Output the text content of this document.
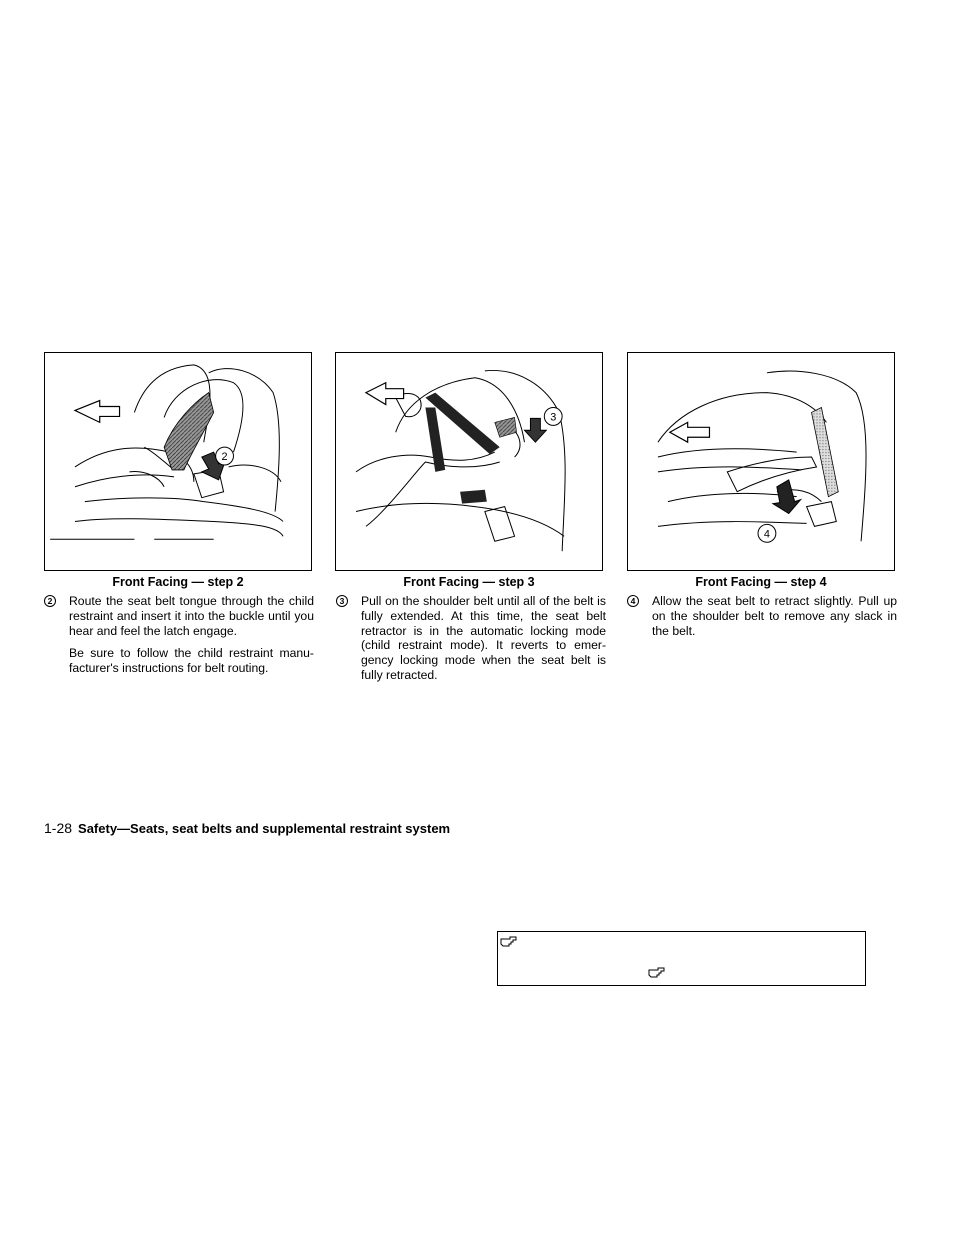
2
3
4
Front Facing — step 2	Front Facing — step 3	Front Facing — step 4
2 Route the seat belt tongue through the child restraint and insert it into the buckle until you hear and feel the latch engage.

Be sure to follow the child restraint manu-facturer's instructions for belt routing.

3 Pull on the shoulder belt until all of the belt is fully extended. At this time, the seat belt retractor is in the automatic locking mode (child restraint mode). It reverts to emer-gency locking mode when the seat belt is fully retracted.

4 Allow the seat belt to retract slightly. Pull up on the shoulder belt to remove any slack in the belt.

1-28 Safety—Seats, seat belts and supplemental restraint system
